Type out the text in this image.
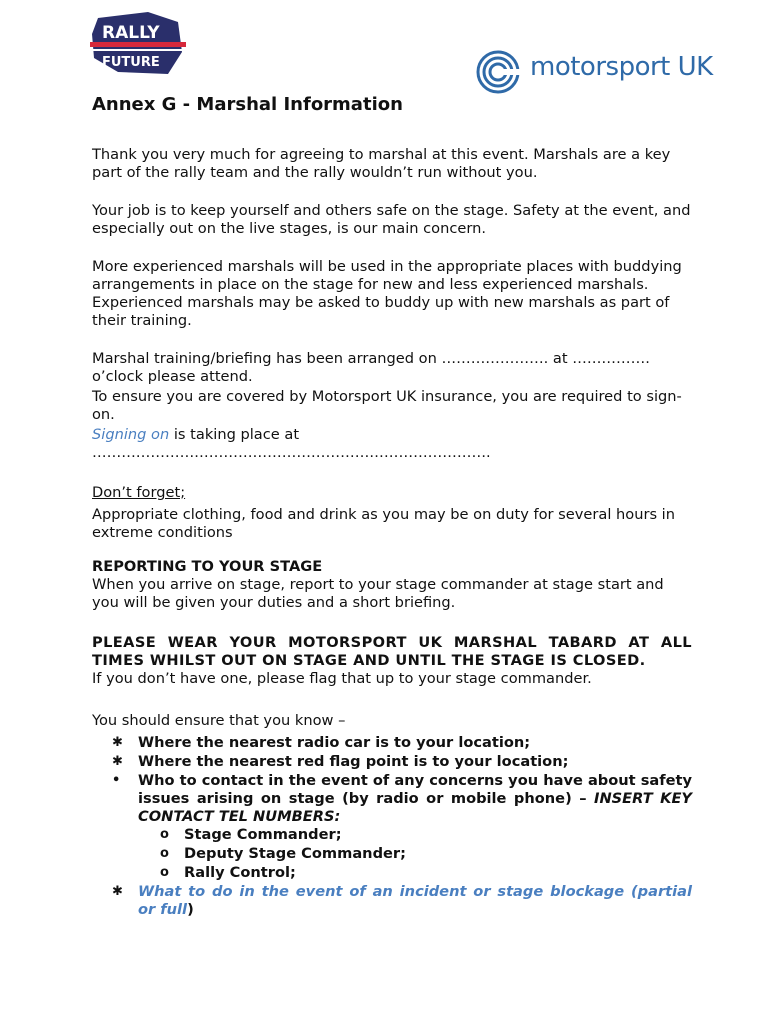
RALLY
FUTURE	motorsport UK
Annex G - Marshal Information

Thank you very much for agreeing to marshal at this event. Marshals are a key part of the rally team and the rally wouldn’t run without you.

Your job is to keep yourself and others safe on the stage. Safety at the event, and especially out on the live stages, is our main concern.

More experienced marshals will be used in the appropriate places with buddying arrangements in place on the stage for new and less experienced marshals. Experienced marshals may be asked to buddy up with new marshals as part of their training.

Marshal training/briefing has been arranged on …………………. at ……………. o’clock please attend.

To ensure you are covered by Motorsport UK insurance, you are required to sign-on.

Signing on is taking place at

……………………………………………………………………….

Don’t forget;

Appropriate clothing, food and drink as you may be on duty for several hours in extreme conditions

REPORTING TO YOUR STAGE

When you arrive on stage, report to your stage commander at stage start and you will be given your duties and a short briefing.

PLEASE WEAR YOUR MOTORSPORT UK MARSHAL TABARD AT ALL TIMES WHILST OUT ON STAGE AND UNTIL THE STAGE IS CLOSED.

If you don’t have one, please flag that up to your stage commander.

You should ensure that you know –

✱ Where the nearest radio car is to your location;
✱ Where the nearest red flag point is to your location;
• Who to contact in the event of any concerns you have about safety issues arising on stage (by radio or mobile phone) – INSERT KEY CONTACT TEL NUMBERS:
o Stage Commander;
o Deputy Stage Commander;
o Rally Control;
✱ What to do in the event of an incident or stage blockage (partial or full)
